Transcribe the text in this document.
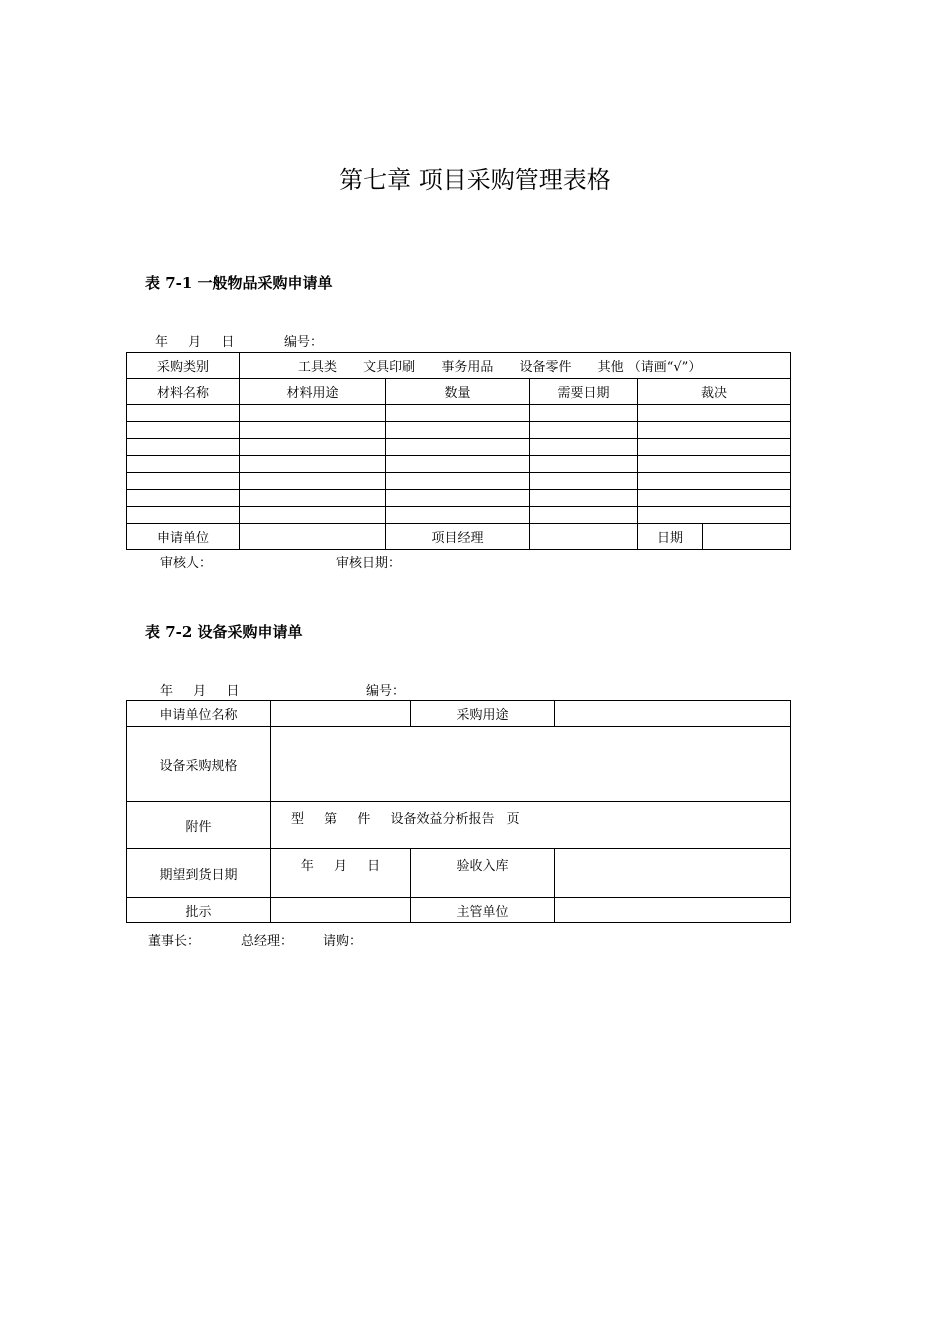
第七章 项目采购管理表格
表 7-1 一般物品采购申请单
年 月 日	编号：
采购类别	工具类 文具印刷 事务用品 设备零件 其他 （请画“√”）				
材料名称	材料用途	数量	需要日期	裁决	

申请单位		项目经理		日期	
审核人：	审核日期：
表 7-2 设备采购申请单
年 月 日	编号：
申请单位名称		采购用途	
设备采购规格			
附件	型 第 件 设备效益分析报告 页		
期望到货日期	年 月 日	验收入库	
批示		主管单位	
董事长：	总经理： 请购：
